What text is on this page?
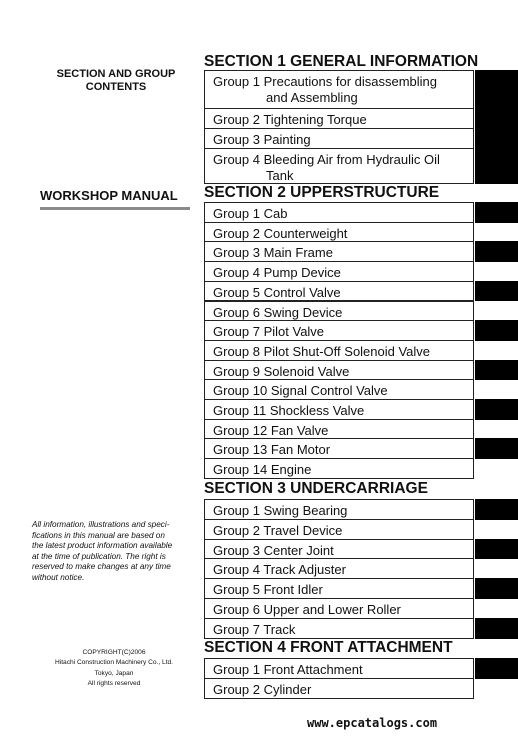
SECTION AND GROUP
CONTENTS
WORKSHOP MANUAL
All information, illustrations and speci-
fications in this manual are based on
the latest product information available
at the time of publication. The right is
reserved to make changes at any time
without notice.
COPYRIGHT(C)2006
Hitachi Construction Machinery Co., Ltd.
Tokyo, Japan
All rights reserved
SECTION 1 GENERAL INFORMATION
Group 1 Precautions for disassembling
and Assembling
Group 2 Tightening Torque
Group 3 Painting
Group 4 Bleeding Air from Hydraulic Oil
Tank
SECTION 2 UPPERSTRUCTURE
Group 1 Cab
Group 2 Counterweight
Group 3 Main Frame
Group 4 Pump Device
Group 5 Control Valve
Group 6 Swing Device
Group 7 Pilot Valve
Group 8 Pilot Shut-Off Solenoid Valve
Group 9 Solenoid Valve
Group 10 Signal Control Valve
Group 11 Shockless Valve
Group 12 Fan Valve
Group 13 Fan Motor
Group 14 Engine
SECTION 3 UNDERCARRIAGE
Group 1 Swing Bearing
Group 2 Travel Device
Group 3 Center Joint
Group 4 Track Adjuster
Group 5 Front Idler
Group 6 Upper and Lower Roller
Group 7 Track
SECTION 4 FRONT ATTACHMENT
Group 1 Front Attachment
Group 2 Cylinder
www.epcatalogs.com
